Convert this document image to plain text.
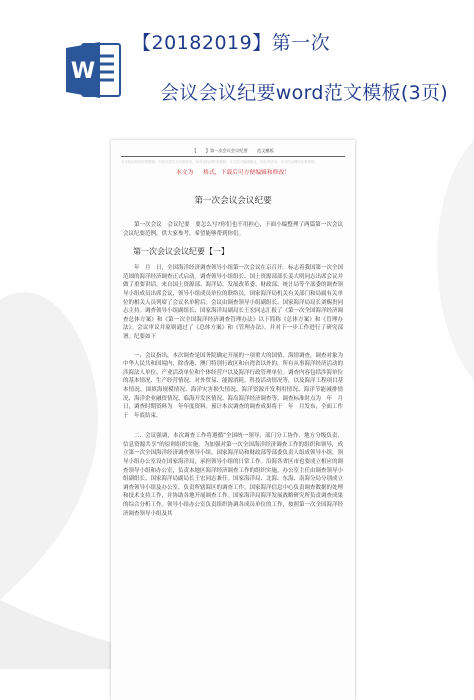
W
【20182019】第一次
会议会议纪要word范文模板(3页)
【 】第一次会议会议纪要 范文模板
本文档由网络收集整理，内容仅供学习交流使用，如有侵权请联系删除。本文档可编辑修改，供参考使用。本文档由网络收集整理。
本文为 格式，下载后可方便编辑和修改！
第一次会议会议纪要
第一次会议　会议纪要　要怎么写?你们也不用担心，下面小编整理了两篇第一次会议会议纪要范例，供大家参考，希望能够帮到你们。
第一次会议会议纪要【一】
年　月　日，全国海洋经济调查领导小组第一次会议在京召开。标志着我国第一次全国范围的海洋经济调查正式启动。调查领导小组组长、国土资源部部长姜大明同志出席会议并做了重要讲话。来自国土资源部、海洋局、发展改革委、财政部、统计局等个部委的调查领导小组成员出席会议，领导小组成员单位的联络员，国家海洋局机关有关部门和局属有关单位的相关人员列席了会议名单附后。会议由调查领导小组副组长、国家海洋局局长刘赐贵同志主持。调查领导小组副组长、国家海洋局副局长王宏同志汇报了《第一次全国海洋经济调查总体方案》和《第一次全国海洋经济调查管理办法》以下简称《总体方案》和《管理办法》。会议审议并原则通过了《总体方案》和《管理办法》，并对下一步工作进行了研究部署。纪要如下
一、会议指出，本次调查是国务院确定开展的一项重大的国情、海情调查，调查对象为中华人民共和国境内，除香港、澳门特别行政区和台湾省以外的，所有从事海洋经济活动的涉海法人单位、产业活动单位和个体经营户以及海洋行政管理单位。调查内容包括涉海单位的基本情况、生产经营情况、对外贸易、能源消耗、科技活动情况等，以及海洋工程项目基本情况、围填海规模情况、海洋灾害损失情况、海洋资源开发利用情况、海洋节能减排情况、海洋企业融资情况、临海开发区情况、海岛海洋经济调查等。调查标准时点为　年　月　日，调查时期资料为　年年度资料。预计本次调查的调查成果将于　年　月发布，全面工作于　年底结束。
二、会议强调，本次调查工作将遵循“全国统一领导、部门分工协作、地方分级负责、信息资源共享”的原则组织实施。为加强对第一次全国海洋经济调查工作的组织和领导，成立第一次全国海洋经济调查领导小组。国家海洋局和财政部等部委负责人组成领导小组，领导小组办公室设在国家海洋局，承担领导小组的日常工作。沿海各省区市也要成立相应的调查领导小组和办公室，负责本地区海洋经济调查工作的组织实施。办公室主任由调查领导小组副组长、国家海洋局副局长王宏同志兼任。国家海洋局、北海、东海、南海分局分别成立调查领导小组及办公室，负责所辖海区的调查工作。国家海洋信息中心负责调查数据的处理和技术支持工作，并协助各地开展调查工作。国家海洋局海洋发展战略研究所负责调查成果的综合分析工作。领导小组办公室负责组织协调各成员单位的工作，按照第一次全国海洋经济调查领导小组及其
